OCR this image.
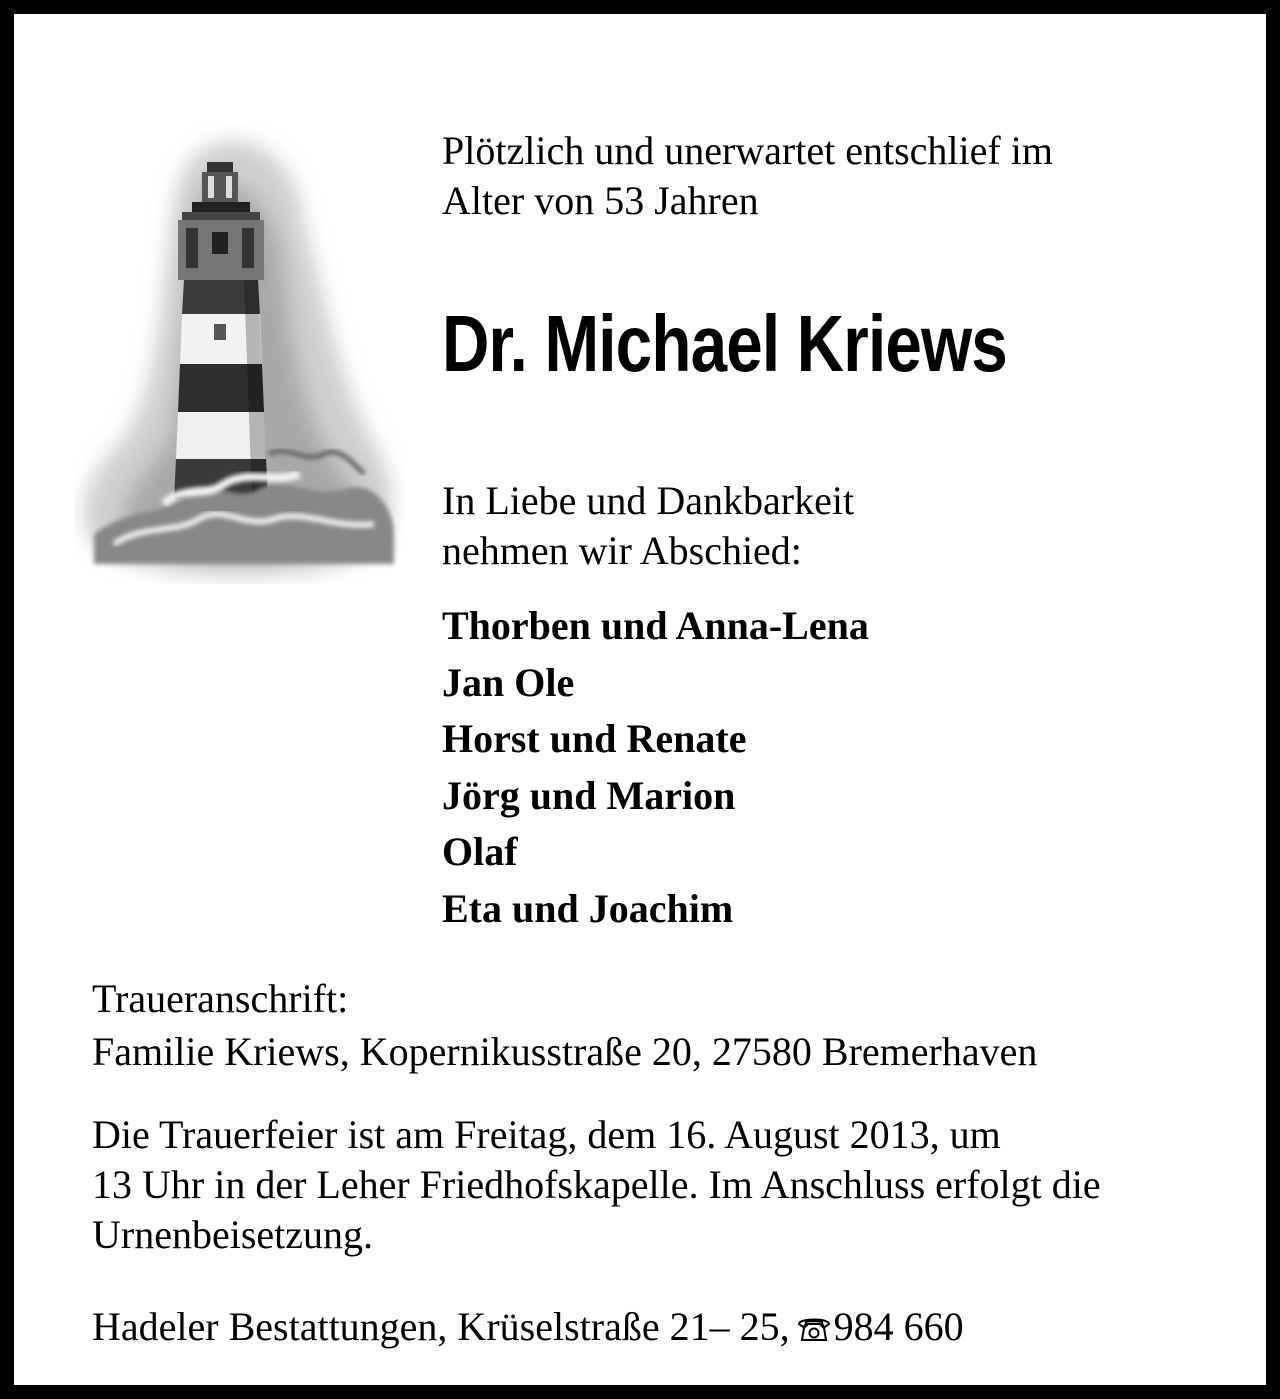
Plötzlich und unerwartet entschlief im
Alter von 53 Jahren
Dr. Michael Kriews
In Liebe und Dankbarkeit
nehmen wir Abschied:
Thorben und Anna-Lena
Jan Ole
Horst und Renate
Jörg und Marion
Olaf
Eta und Joachim
Traueranschrift:
Familie Kriews, Kopernikusstraße 20, 27580 Bremerhaven
Die Trauerfeier ist am Freitag, dem 16. August 2013, um
13 Uhr in der Leher Friedhofskapelle. Im Anschluss erfolgt die
Urnenbeisetzung.
Hadeler Bestattungen, Krüselstraße 21– 25, 984 660
